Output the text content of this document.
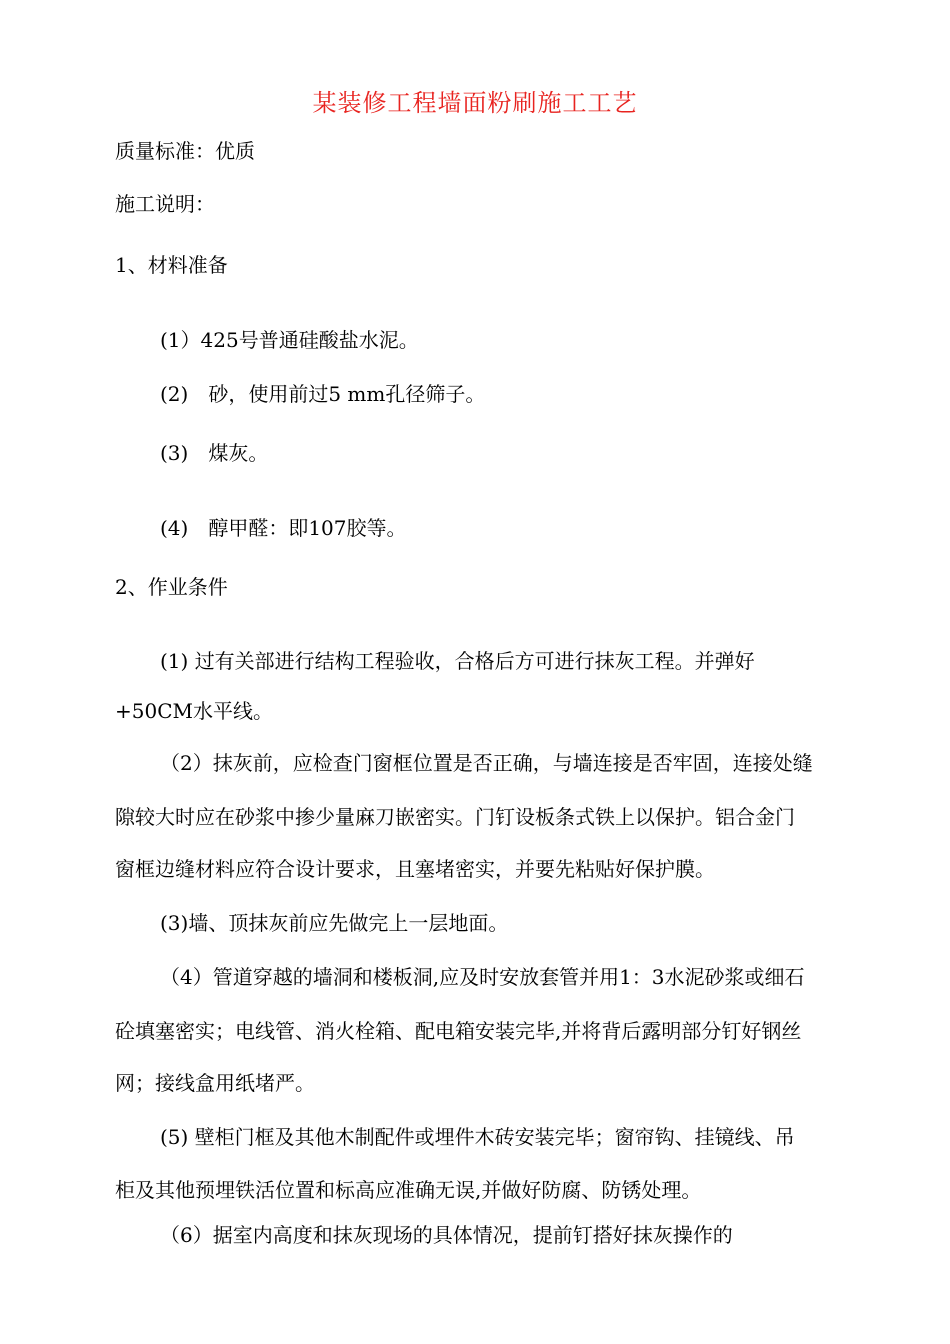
某装修工程墙面粉刷施工工艺
质量标准：优质
施工说明：
1、材料准备
(1）425号普通硅酸盐水泥。
(2)　砂，使用前过5 mm孔径筛子。
(3)　煤灰。
(4)　醇甲醛：即107胶等。
2、作业条件
(1) 过有关部进行结构工程验收，合格后方可进行抹灰工程。并弹好
+50CM水平线。
（2）抹灰前，应检查门窗框位置是否正确，与墙连接是否牢固，连接处缝
隙较大时应在砂浆中掺少量麻刀嵌密实。门钉设板条式铁上以保护。铝合金门
窗框边缝材料应符合设计要求，且塞堵密实，并要先粘贴好保护膜。
(3)墙、顶抹灰前应先做完上一层地面。
（4）管道穿越的墙洞和楼板洞,应及时安放套管并用1：3水泥砂浆或细石
砼填塞密实；电线管、消火栓箱、配电箱安装完毕,并将背后露明部分钉好钢丝
网；接线盒用纸堵严。
(5) 壁柜门框及其他木制配件或埋件木砖安装完毕；窗帘钩、挂镜线、吊
柜及其他预埋铁活位置和标高应准确无误,并做好防腐、防锈处理。
（6）据室内高度和抹灰现场的具体情况，提前钉搭好抹灰操作的
